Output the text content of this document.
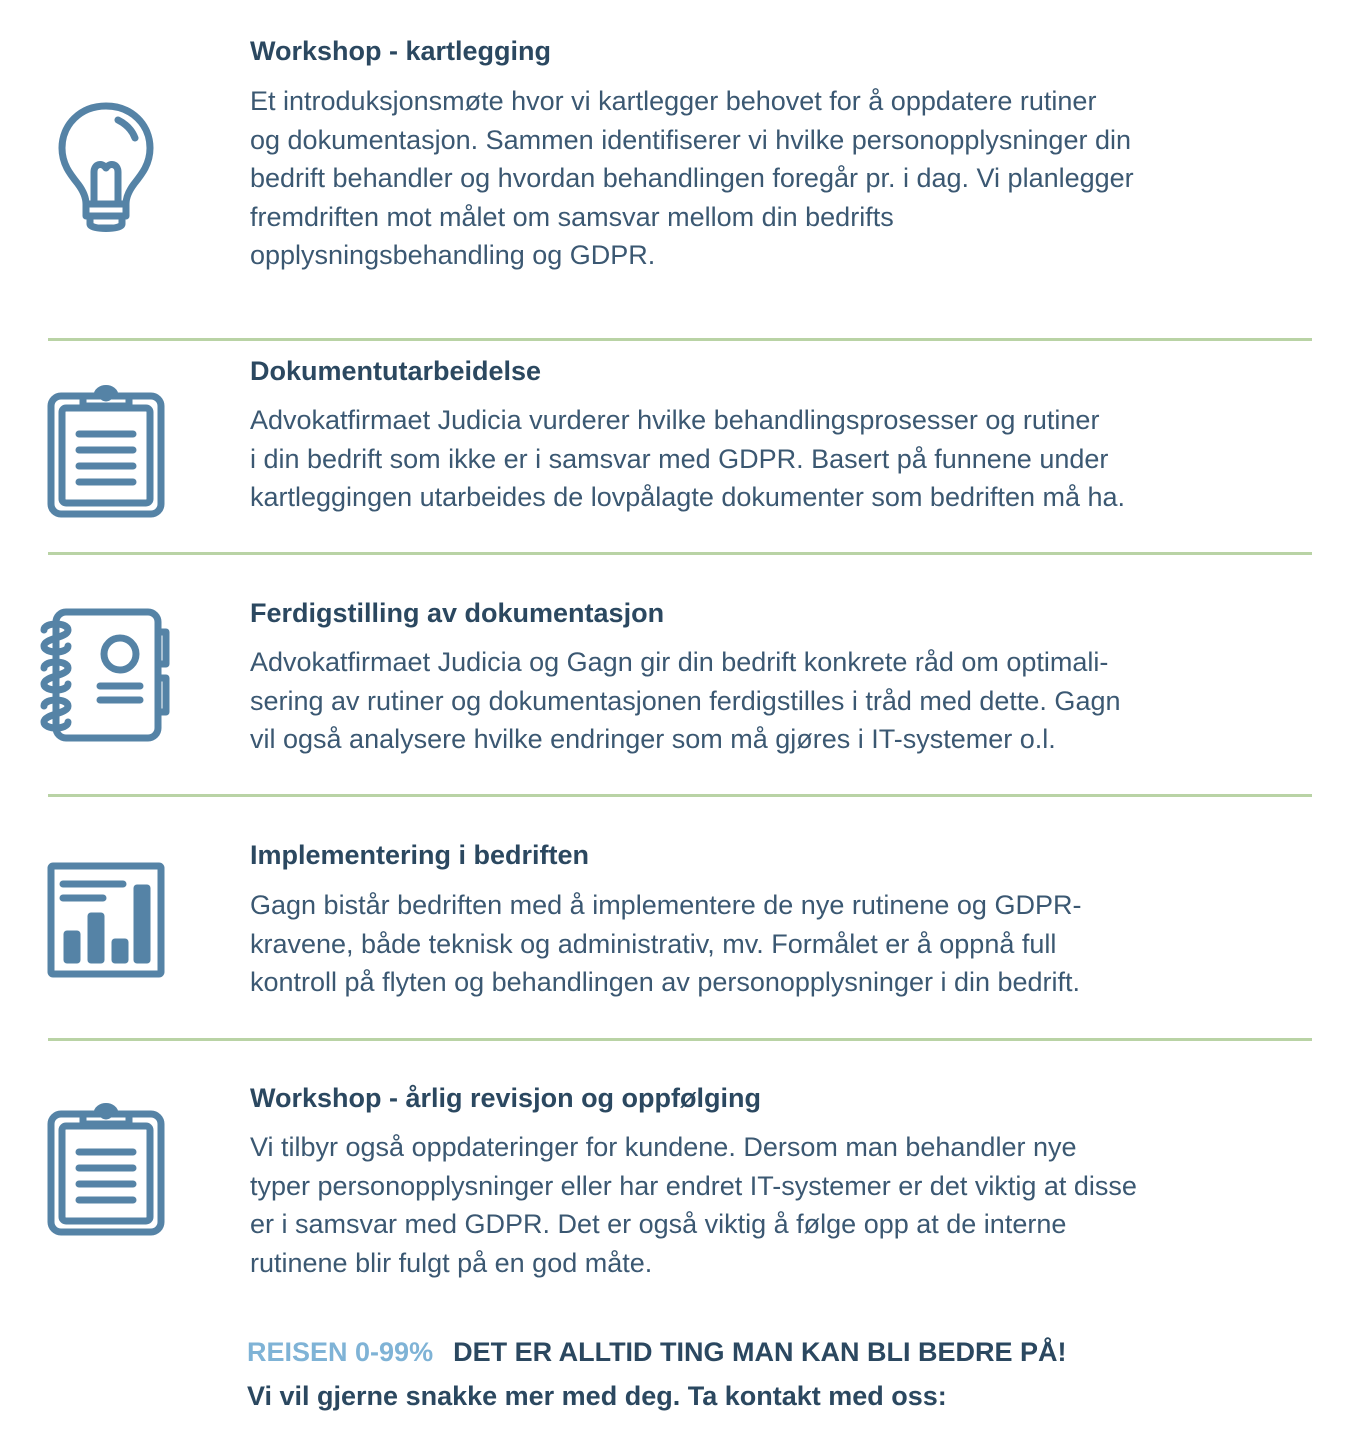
Workshop - kartlegging
Et introduksjonsmøte hvor vi kartlegger behovet for å oppdatere rutiner
og dokumentasjon. Sammen identifiserer vi hvilke personopplysninger din
bedrift behandler og hvordan behandlingen foregår pr. i dag. Vi planlegger
fremdriften mot målet om samsvar mellom din bedrifts
opplysningsbehandling og GDPR.
Dokumentutarbeidelse
Advokatfirmaet Judicia vurderer hvilke behandlingsprosesser og rutiner
i din bedrift som ikke er i samsvar med GDPR. Basert på funnene under
kartleggingen utarbeides de lovpålagte dokumenter som bedriften må ha.
Ferdigstilling av dokumentasjon
Advokatfirmaet Judicia og Gagn gir din bedrift konkrete råd om optimali-
sering av rutiner og dokumentasjonen ferdigstilles i tråd med dette. Gagn
vil også analysere hvilke endringer som må gjøres i IT-systemer o.l.
Implementering i bedriften
Gagn bistår bedriften med å implementere de nye rutinene og GDPR-
kravene, både teknisk og administrativ, mv. Formålet er å oppnå full
kontroll på flyten og behandlingen av personopplysninger i din bedrift.
Workshop - årlig revisjon og oppfølging
Vi tilbyr også oppdateringer for kundene. Dersom man behandler nye
typer personopplysninger eller har endret IT-systemer er det viktig at disse
er i samsvar med GDPR. Det er også viktig å følge opp at de interne
rutinene blir fulgt på en god måte.
REISEN 0-99% DET ER ALLTID TING MAN KAN BLI BEDRE PÅ!
Vi vil gjerne snakke mer med deg. Ta kontakt med oss:
